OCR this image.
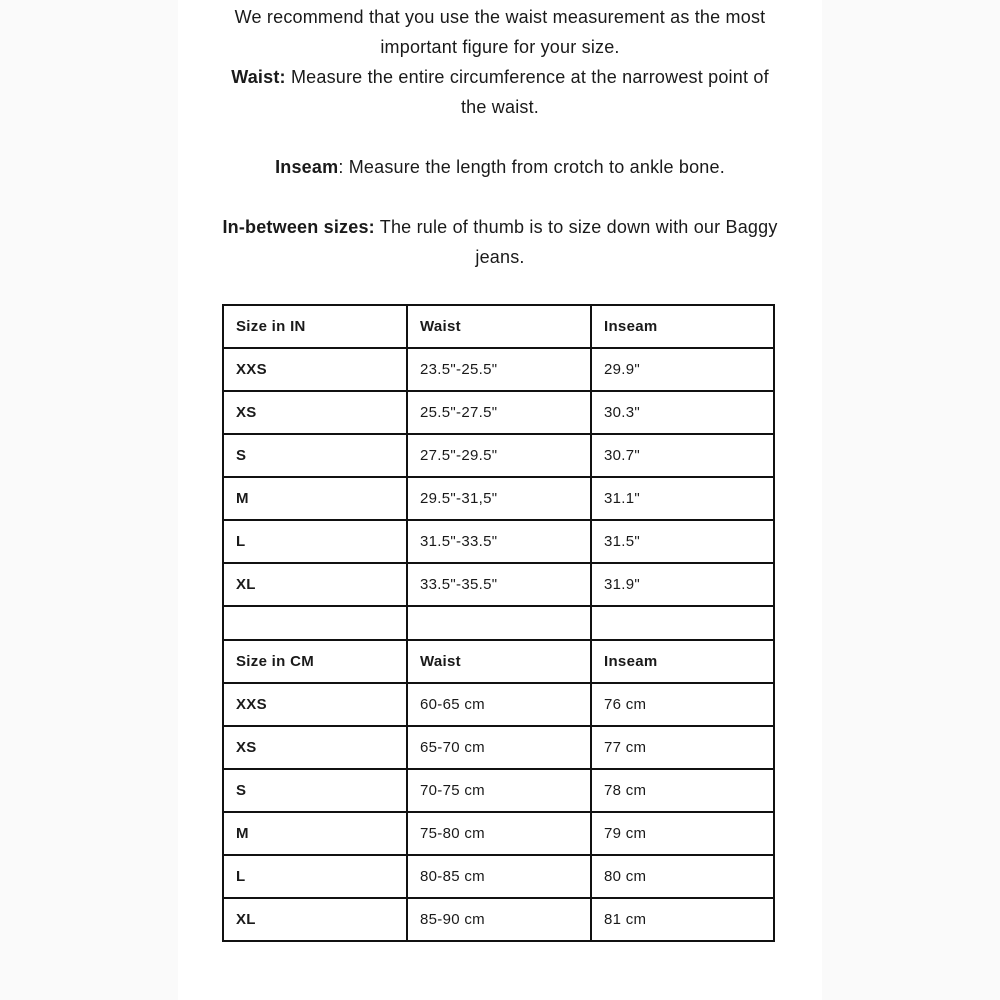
We recommend that you use the waist measurement as the most

important figure for your size.

Waist: Measure the entire circumference at the narrowest point of

the waist.

Inseam: Measure the length from crotch to ankle bone.

In-between sizes: The rule of thumb is to size down with our Baggy

jeans.

Size in IN	Waist	Inseam
XXS	23.5"-25.5"	29.9"
XS	25.5"-27.5"	30.3"
S	27.5"-29.5"	30.7"
M	29.5"-31,5"	31.1"
L	31.5"-33.5"	31.5"
XL	33.5"-35.5"	31.9"

Size in CM	Waist	Inseam
XXS	60-65 cm	76 cm
XS	65-70 cm	77 cm
S	70-75 cm	78 cm
M	75-80 cm	79 cm
L	80-85 cm	80 cm
XL	85-90 cm	81 cm
